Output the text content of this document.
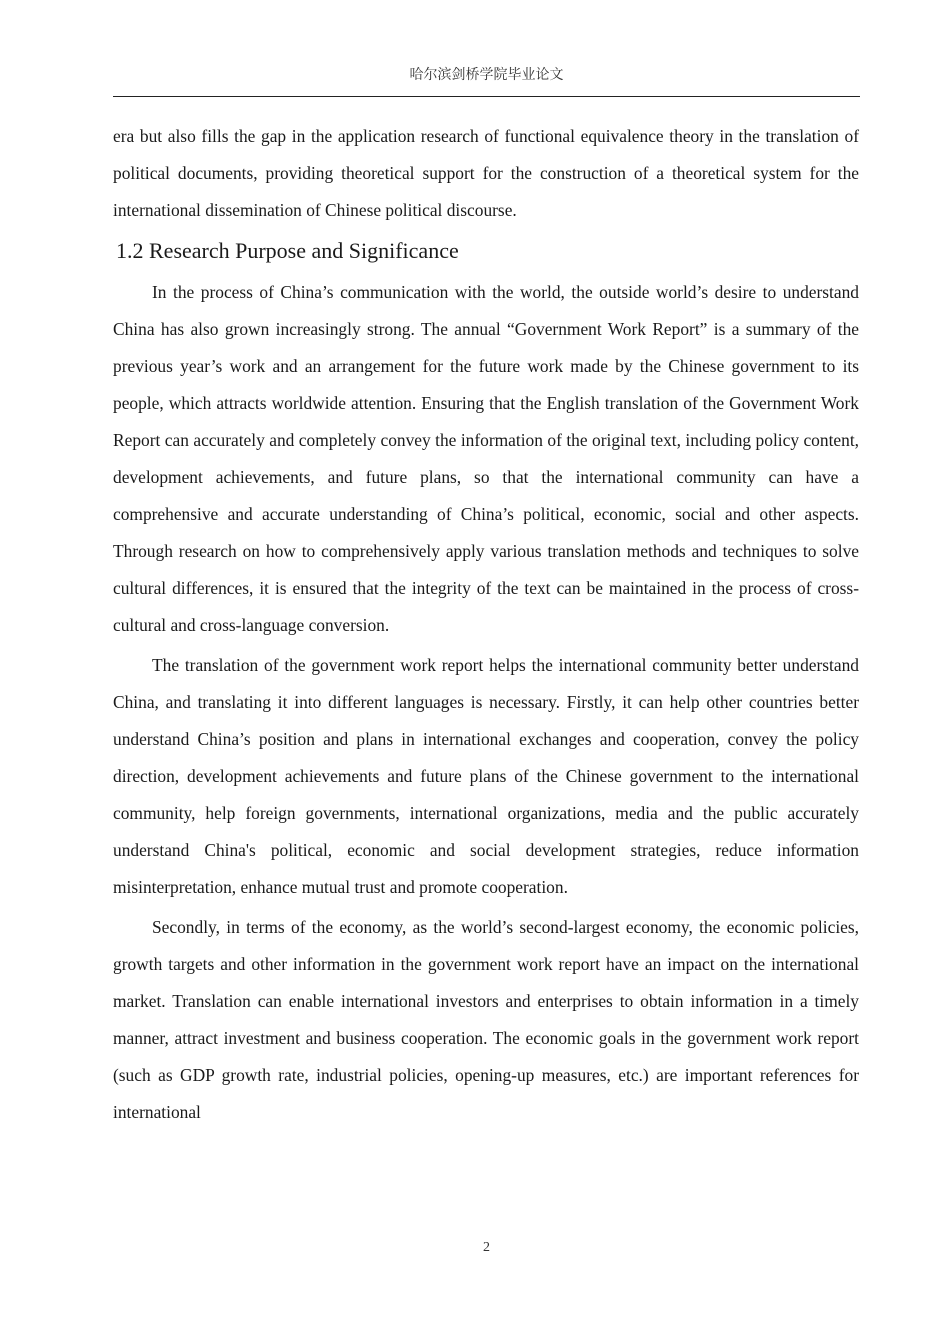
哈尔滨剑桥学院毕业论文

era but also fills the gap in the application research of functional equivalence theory in the translation of political documents, providing theoretical support for the construction of a theoretical system for the international dissemination of Chinese political discourse.

1.2 Research Purpose and Significance

In the process of China’s communication with the world, the outside world’s desire to understand China has also grown increasingly strong. The annual “Government Work Report” is a summary of the previous year’s work and an arrangement for the future work made by the Chinese government to its people, which attracts worldwide attention. Ensuring that the English translation of the Government Work Report can accurately and completely convey the information of the original text, including policy content, development achievements, and future plans, so that the international community can have a comprehensive and accurate understanding of China’s political, economic, social and other aspects. Through research on how to comprehensively apply various translation methods and techniques to solve cultural differences, it is ensured that the integrity of the text can be maintained in the process of cross-cultural and cross-language conversion.

The translation of the government work report helps the international community better understand China, and translating it into different languages is necessary. Firstly, it can help other countries better understand China’s position and plans in international exchanges and cooperation, convey the policy direction, development achievements and future plans of the Chinese government to the international community, help foreign governments, international organizations, media and the public accurately understand China's political, economic and social development strategies, reduce information misinterpretation, enhance mutual trust and promote cooperation.

Secondly, in terms of the economy, as the world’s second-largest economy, the economic policies, growth targets and other information in the government work report have an impact on the international market. Translation can enable international investors and enterprises to obtain information in a timely manner, attract investment and business cooperation. The economic goals in the government work report (such as GDP growth rate, industrial policies, opening-up measures, etc.) are important references for international

2
